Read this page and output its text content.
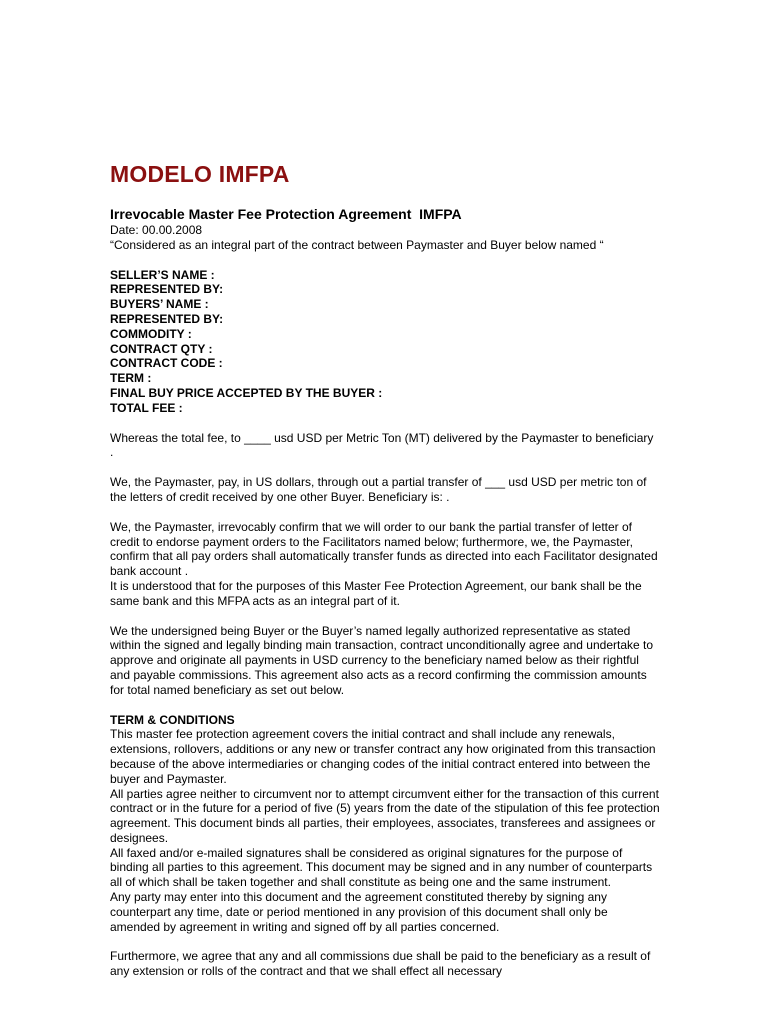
MODELO IMFPA
Irrevocable Master Fee Protection Agreement  IMFPA
Date: 00.00.2008
“Considered as an integral part of the contract between Paymaster and Buyer below named “
SELLER’S NAME :
REPRESENTED BY:
BUYERS’ NAME :
REPRESENTED BY:
COMMODITY :
CONTRACT QTY :
CONTRACT CODE :
TERM :
FINAL BUY PRICE ACCEPTED BY THE BUYER :
TOTAL FEE :

Whereas the total fee, to ____ usd USD per Metric Ton (MT) delivered by the Paymaster to beneficiary .

We, the Paymaster, pay, in US dollars, through out a partial transfer of ___ usd USD per metric ton of the letters of credit received by one other Buyer. Beneficiary is: .

We, the Paymaster, irrevocably confirm that we will order to our bank the partial transfer of letter of credit to endorse payment orders to the Facilitators named below; furthermore, we, the Paymaster, confirm that all pay orders shall automatically transfer funds as directed into each Facilitator designated bank account .

It is understood that for the purposes of this Master Fee Protection Agreement, our bank shall be the same bank and this MFPA acts as an integral part of it.

We the undersigned being Buyer or the Buyer’s named legally authorized representative as stated within the signed and legally binding main transaction, contract unconditionally agree and undertake to approve and originate all payments in USD currency to the beneficiary named below as their rightful and payable commissions. This agreement also acts as a record confirming the commission amounts for total named beneficiary as set out below.

TERM & CONDITIONS

This master fee protection agreement covers the initial contract and shall include any renewals, extensions, rollovers, additions or any new or transfer contract any how originated from this transaction because of the above intermediaries or changing codes of the initial contract entered into between the buyer and Paymaster.

All parties agree neither to circumvent nor to attempt circumvent either for the transaction of this current contract or in the future for a period of five (5) years from the date of the stipulation of this fee protection agreement. This document binds all parties, their employees, associates, transferees and assignees or designees.

All faxed and/or e-mailed signatures shall be considered as original signatures for the purpose of binding all parties to this agreement. This document may be signed and in any number of counterparts all of which shall be taken together and shall constitute as being one and the same instrument.

Any party may enter into this document and the agreement constituted thereby by signing any counterpart any time, date or period mentioned in any provision of this document shall only be amended by agreement in writing and signed off by all parties concerned.

Furthermore, we agree that any and all commissions due shall be paid to the beneficiary as a result of any extension or rolls of the contract and that we shall effect all necessary
